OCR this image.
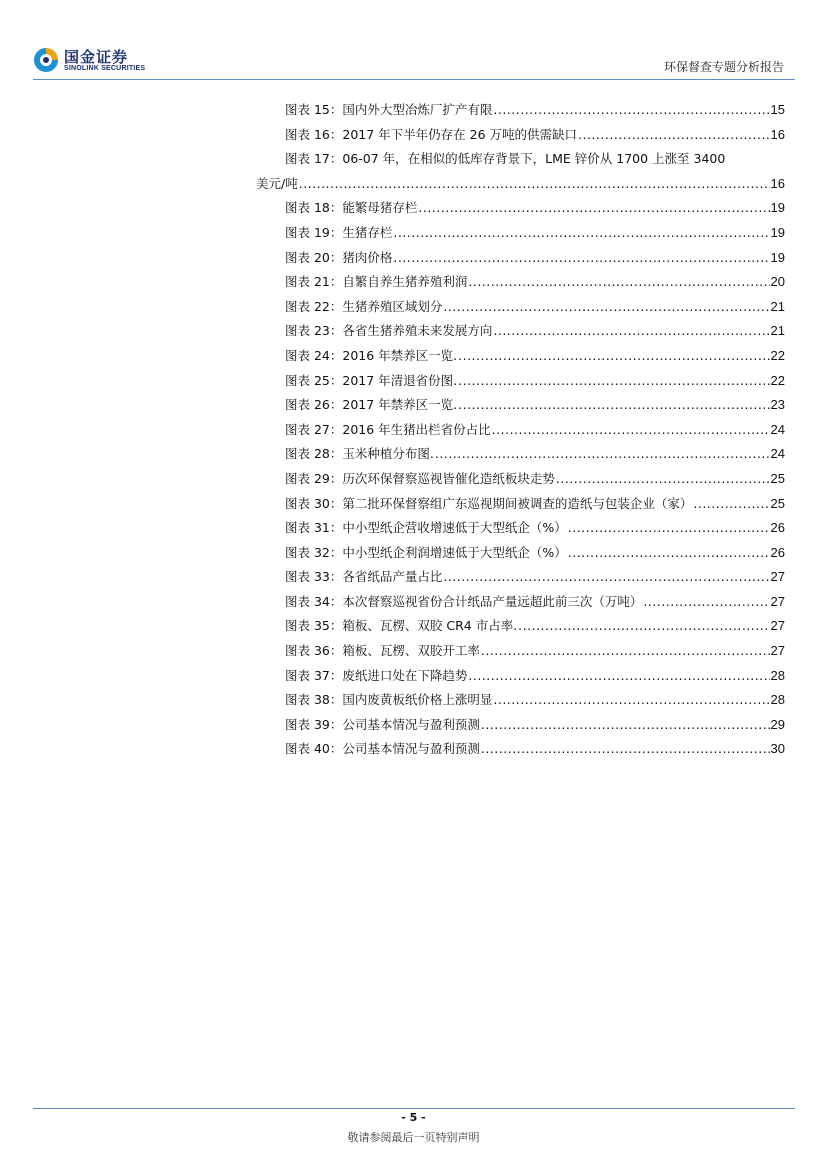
国金证券
SINOLINK SECURITIES	环保督查专题分析报告
图表 15：国内外大型冶炼厂扩产有限 .....	15
图表 16：2017 年下半年仍存在 26 万吨的供需缺口 .....	16
图表 17：06-07 年，在相似的低库存背景下，LME 锌价从 1700 上涨至 3400
美元/吨 .....	16
图表 18：能繁母猪存栏 .....	19
图表 19：生猪存栏 .....	19
图表 20：猪肉价格 .....	19
图表 21：自繁自养生猪养殖利润 .....	20
图表 22：生猪养殖区域划分 .....	21
图表 23：各省生猪养殖未来发展方向 .....	21
图表 24：2016 年禁养区一览. .....	22
图表 25：2017 年清退省份图. .....	22
图表 26：2017 年禁养区一览. .....	23
图表 27：2016 年生猪出栏省份占比 .....	24
图表 28：玉米种植分布图. .....	24
图表 29：历次环保督察巡视皆催化造纸板块走势 .....	25
图表 30：第二批环保督察组广东巡视期间被调查的造纸与包装企业（家） .....	25
图表 31：中小型纸企营收增速低于大型纸企（%） .....	26
图表 32：中小型纸企利润增速低于大型纸企（%） .....	26
图表 33：各省纸品产量占比 .....	27
图表 34：本次督察巡视省份合计纸品产量远超此前三次（万吨） .....	27
图表 35：箱板、瓦楞、双胶 CR4 市占率. .....	27
图表 36：箱板、瓦楞、双胶开工率 .....	27
图表 37：废纸进口处在下降趋势 .....	28
图表 38：国内废黄板纸价格上涨明显 .....	28
图表 39：公司基本情况与盈利预测 .....	29
图表 40：公司基本情况与盈利预测 .....	30
- 5 -
敬请参阅最后一页特别声明
